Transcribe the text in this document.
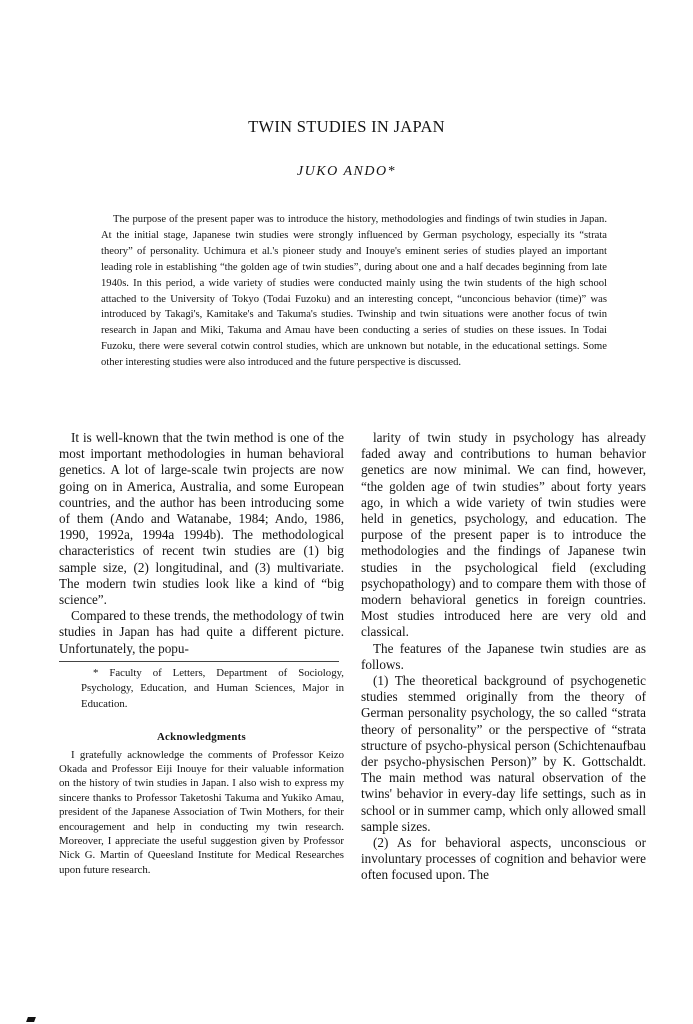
TWIN STUDIES IN JAPAN
JUKO ANDO*

The purpose of the present paper was to introduce the history, methodologies and findings of twin studies in Japan. At the initial stage, Japanese twin studies were strongly influenced by German psychology, especially its “strata theory” of personality. Uchimura et al.'s pioneer study and Inouye's eminent series of studies played an important leading role in establishing “the golden age of twin studies”, during about one and a half decades beginning from late 1940s. In this period, a wide variety of studies were conducted mainly using the twin students of the high school attached to the University of Tokyo (Todai Fuzoku) and an interesting concept, “unconcious behavior (time)” was introduced by Takagi's, Kamitake's and Takuma's studies. Twinship and twin situations were another focus of twin research in Japan and Miki, Takuma and Amau have been conducting a series of studies on these issues. In Todai Fuzoku, there were several cotwin control studies, which are unknown but notable, in the educational settings. Some other interesting studies were also introduced and the future perspective is discussed.

It is well-known that the twin method is one of the most important methodologies in human behavioral genetics. A lot of large-scale twin projects are now going on in America, Australia, and some European countries, and the author has been introducing some of them (Ando and Watanabe, 1984; Ando, 1986, 1990, 1992a, 1994a 1994b). The methodological characteristics of recent twin studies are (1) big sample size, (2) longitudinal, and (3) multivariate. The modern twin studies look like a kind of “big science”.

Compared to these trends, the methodology of twin studies in Japan has had quite a different picture. Unfortunately, the popu-

* Faculty of Letters, Department of Sociology, Psychology, Education, and Human Sciences, Major in Education.

Acknowledgments

I gratefully acknowledge the comments of Professor Keizo Okada and Professor Eiji Inouye for their valuable information on the history of twin studies in Japan. I also wish to express my sincere thanks to Professor Taketoshi Takuma and Yukiko Amau, president of the Japanese Association of Twin Mothers, for their encouragement and help in conducting my twin research. Moreover, I appreciate the useful suggestion given by Professor Nick G. Martin of Queesland Institute for Medical Researches upon future research.

larity of twin study in psychology has already faded away and contributions to human behavior genetics are now minimal. We can find, however, “the golden age of twin studies” about forty years ago, in which a wide variety of twin studies were held in genetics, psychology, and education. The purpose of the present paper is to introduce the methodologies and the findings of Japanese twin studies in the psychological field (excluding psychopathology) and to compare them with those of modern behavioral genetics in foreign countries. Most studies introduced here are very old and classical.

The features of the Japanese twin studies are as follows.

(1) The theoretical background of psychogenetic studies stemmed originally from the theory of German personality psychology, the so called “strata theory of personality” or the perspective of “strata structure of psycho-physical person (Schichtenaufbau der psycho-physischen Person)” by K. Gottschaldt. The main method was natural observation of the twins' behavior in every-day life settings, such as in school or in summer camp, which only allowed small sample sizes.

(2) As for behavioral aspects, unconscious or involuntary processes of cognition and behavior were often focused upon. The
